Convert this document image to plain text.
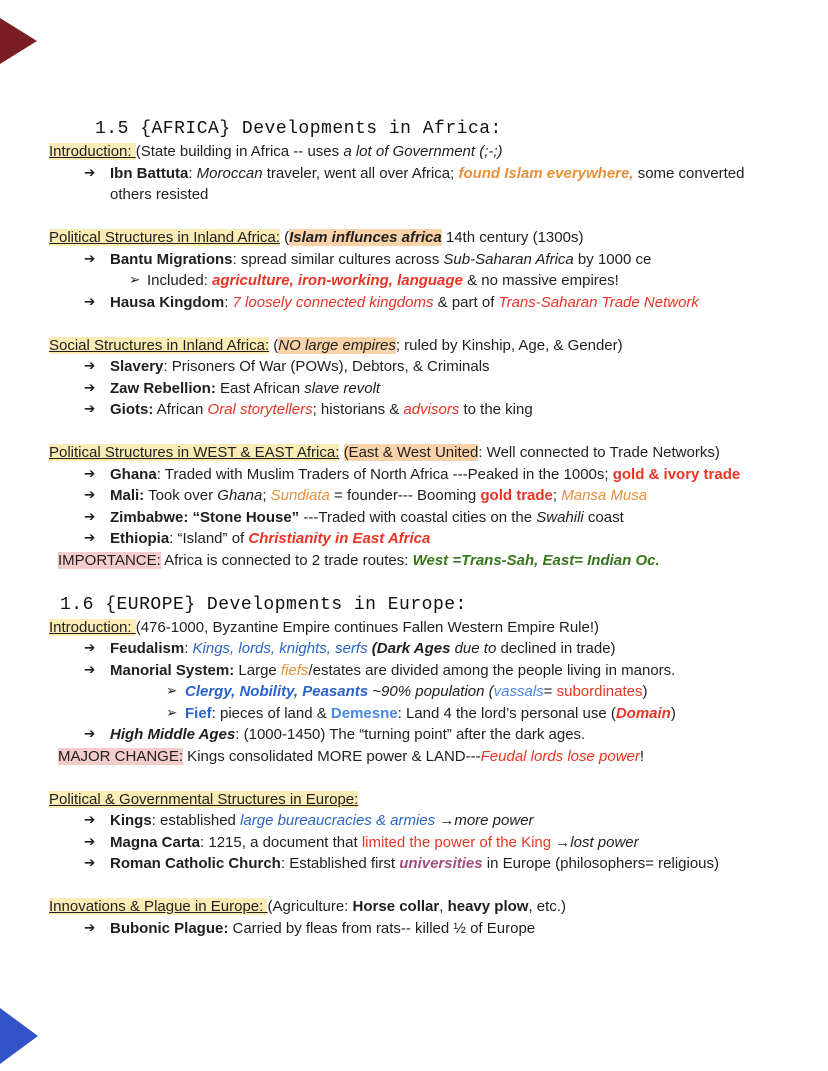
1.5 {AFRICA} Developments in Africa:
Introduction: (State building in Africa -- uses a lot of Government (;-;)
➔ Ibn Battuta: Moroccan traveler, went all over Africa; found Islam everywhere, some converted others resisted
Political Structures in Inland Africa: (Islam influnces africa 14th century (1300s)
➔ Bantu Migrations: spread similar cultures across Sub-Saharan Africa by 1000 ce
➢ Included: agriculture, iron-working, language & no massive empires!
➔ Hausa Kingdom: 7 loosely connected kingdoms & part of Trans-Saharan Trade Network
Social Structures in Inland Africa: (NO large empires; ruled by Kinship, Age, & Gender)
➔ Slavery: Prisoners Of War (POWs), Debtors, & Criminals
➔ Zaw Rebellion: East African slave revolt
➔ Giots: African Oral storytellers; historians & advisors to the king
Political Structures in WEST & EAST Africa: (East & West United: Well connected to Trade Networks)
➔ Ghana: Traded with Muslim Traders of North Africa ---Peaked in the 1000s; gold & ivory trade
➔ Mali: Took over Ghana; Sundiata = founder--- Booming gold trade; Mansa Musa
➔ Zimbabwe: “Stone House” ---Traded with coastal cities on the Swahili coast
➔ Ethiopia: “Island” of Christianity in East Africa
IMPORTANCE: Africa is connected to 2 trade routes: West =Trans-Sah, East= Indian Oc.
1.6 {EUROPE} Developments in Europe:
Introduction: (476-1000, Byzantine Empire continues Fallen Western Empire Rule!)
➔ Feudalism: Kings, lords, knights, serfs (Dark Ages due to declined in trade)
➔ Manorial System: Large fiefs/estates are divided among the people living in manors.
➢ Clergy, Nobility, Peasants ~90% population (vassals= subordinates)
➢ Fief: pieces of land & Demesne: Land 4 the lord’s personal use (Domain)
➔ High Middle Ages: (1000-1450) The “turning point” after the dark ages.
MAJOR CHANGE: Kings consolidated MORE power & LAND---Feudal lords lose power!
Political & Governmental Structures in Europe:
➔ Kings: established large bureaucracies & armies →more power
➔ Magna Carta: 1215, a document that limited the power of the King →lost power
➔ Roman Catholic Church: Established first universities in Europe (philosophers= religious)
Innovations & Plague in Europe: (Agriculture: Horse collar, heavy plow, etc.)
➔ Bubonic Plague: Carried by fleas from rats-- killed ½ of Europe
